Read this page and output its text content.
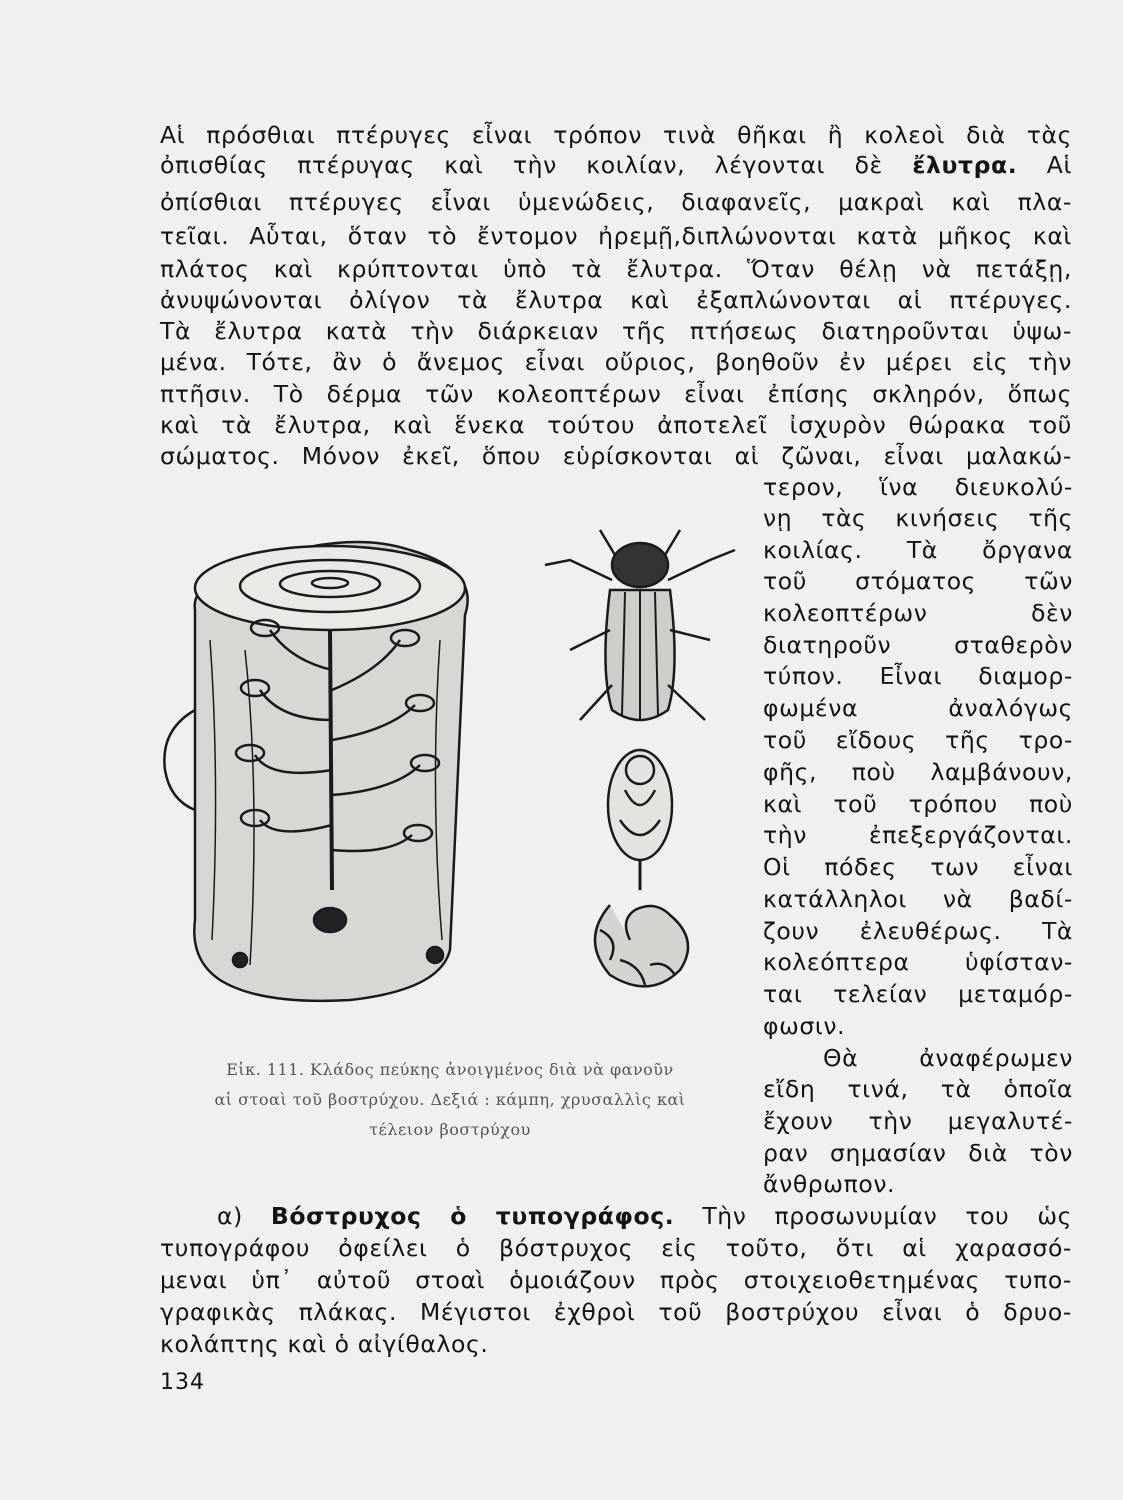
Αἱ πρόσθιαι πτέρυγες εἶναι τρόπον τινὰ θῆκαι ἢ κολεοὶ διὰ τὰς
ὀπισθίας πτέρυγας καὶ τὴν κοιλίαν, λέγονται δὲ ἔλυτρα. Αἱ
ὀπίσθιαι πτέρυγες εἶναι ὑμενώδεις, διαφανεῖς, μακραὶ καὶ πλα-
τεῖαι. Αὗται, ὅταν τὸ ἔντομον ἠρεμῇ,διπλώνονται κατὰ μῆκος καὶ
πλάτος καὶ κρύπτονται ὑπὸ τὰ ἔλυτρα. Ὅταν θέλῃ νὰ πετάξῃ,
ἀνυψώνονται ὀλίγον τὰ ἔλυτρα καὶ ἐξαπλώνονται αἱ πτέρυγες.
Τὰ ἔλυτρα κατὰ τὴν διάρκειαν τῆς πτήσεως διατηροῦνται ὑψω-
μένα. Τότε, ἂν ὁ ἄνεμος εἶναι οὔριος, βοηθοῦν ἐν μέρει εἰς τὴν
πτῆσιν. Τὸ δέρμα τῶν κολεοπτέρων εἶναι ἐπίσης σκληρόν, ὅπως
καὶ τὰ ἔλυτρα, καὶ ἕνεκα τούτου ἀποτελεῖ ἰσχυρὸν θώρακα τοῦ
σώματος. Μόνον ἐκεῖ, ὅπου εὑρίσκονται αἱ ζῶναι, εἶναι μαλακώ-
τερον, ἵνα διευκολύ-
νῃ τὰς κινήσεις τῆς
κοιλίας. Τὰ ὄργανα
τοῦ στόματος τῶν
κολεοπτέρων δὲν
διατηροῦν σταθερὸν
τύπον. Εἶναι διαμορ-
φωμένα ἀναλόγως
τοῦ εἴδους τῆς τρο-
φῆς, ποὺ λαμβάνουν,
καὶ τοῦ τρόπου ποὺ
τὴν ἐπεξεργάζονται.
Οἱ πόδες των εἶναι
κατάλληλοι νὰ βαδί-
ζουν ἐλευθέρως. Τὰ
κολεόπτερα ὑφίσταν-
ται τελείαν μεταμόρ-
φωσιν.
Θὰ ἀναφέρωμεν
εἴδη τινά, τὰ ὁποῖα
ἔχουν τὴν μεγαλυτέ-
ραν σημασίαν διὰ τὸν
ἄνθρωπον.
α) Βόστρυχος ὁ τυπογράφος. Τὴν προσωνυμίαν του ὡς
τυπογράφου ὀφείλει ὁ βόστρυχος εἰς τοῦτο, ὅτι αἱ χαρασσό-
μεναι ὑπ᾽ αὐτοῦ στοαὶ ὁμοιάζουν πρὸς στοιχειοθετημένας τυπο-
γραφικὰς πλάκας. Μέγιστοι ἐχθροὶ τοῦ βοστρύχου εἶναι ὁ δρυο-
κολάπτης καὶ ὁ αἰγίθαλος.
Εἰκ. 111. Κλάδος πεύκης ἀνοιγμένος διὰ νὰ φανοῦν
αἱ στοαὶ τοῦ βοστρύχου. Δεξιά : κάμπη, χρυσαλλὶς καὶ
τέλειον βοστρύχου
134
